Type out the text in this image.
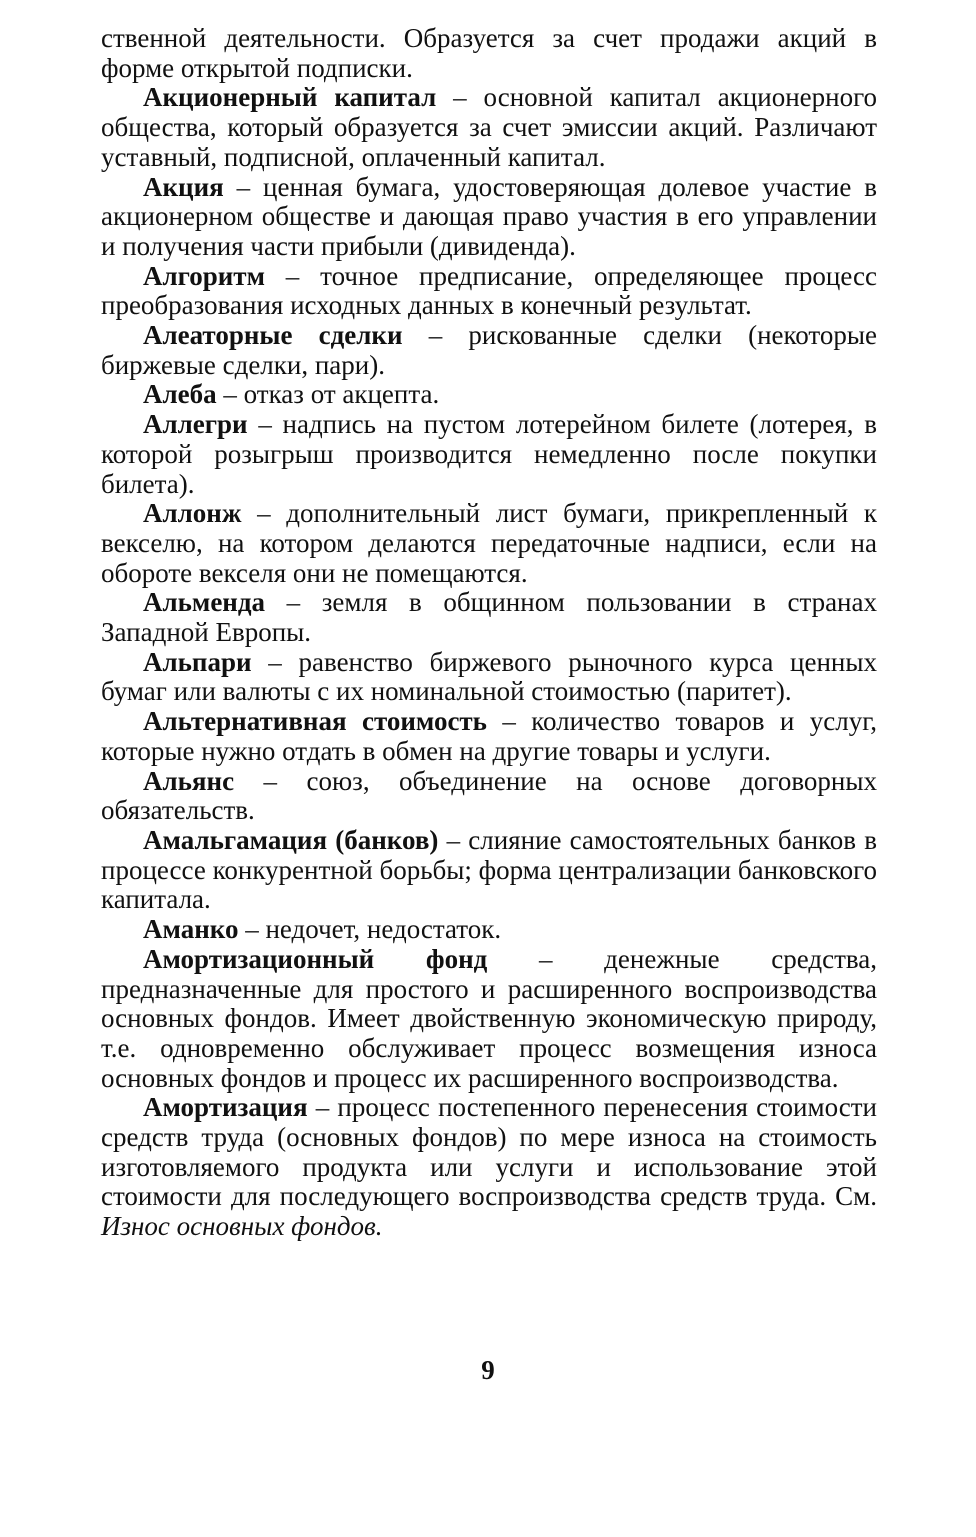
ственной деятельности. Образуется за счет продажи акций в форме открытой подписки.

Акционерный капитал – основной капитал акционерного общества, который образуется за счет эмиссии акций. Различают уставный, подписной, оплаченный капитал.

Акция – ценная бумага, удостоверяющая долевое участие в акционерном обществе и дающая право участия в его управлении и получения части прибыли (дивиденда).

Алгоритм – точное предписание, определяющее процесс преобразования исходных данных в конечный результат.

Алеаторные сделки – рискованные сделки (некоторые биржевые сделки, пари).

Алеба – отказ от акцепта.

Аллегри – надпись на пустом лотерейном билете (лотерея, в которой розыгрыш производится немедленно после покупки билета).

Аллонж – дополнительный лист бумаги, прикрепленный к векселю, на котором делаются передаточные надписи, если на обороте векселя они не помещаются.

Альменда – земля в общинном пользовании в странах Западной Европы.

Альпари – равенство биржевого рыночного курса ценных бумаг или валюты с их номинальной стоимостью (паритет).

Альтернативная стоимость – количество товаров и услуг, которые нужно отдать в обмен на другие товары и услуги.

Альянс – союз, объединение на основе договорных обязательств.

Амальгамация (банков) – слияние самостоятельных банков в процессе конкурентной борьбы; форма централизации банковского капитала.

Аманко – недочет, недостаток.

Амортизационный фонд – денежные средства, предназначенные для простого и расширенного воспроизводства основных фондов. Имеет двойственную экономическую природу, т.е. одновременно обслуживает процесс возмещения износа основных фондов и процесс их расширенного воспроизводства.

Амортизация – процесс постепенного перенесения стоимости средств труда (основных фондов) по мере износа на стоимость изготовляемого продукта или услуги и использование этой стоимости для последующего воспроизводства средств труда. См. Износ основных фондов.

9
